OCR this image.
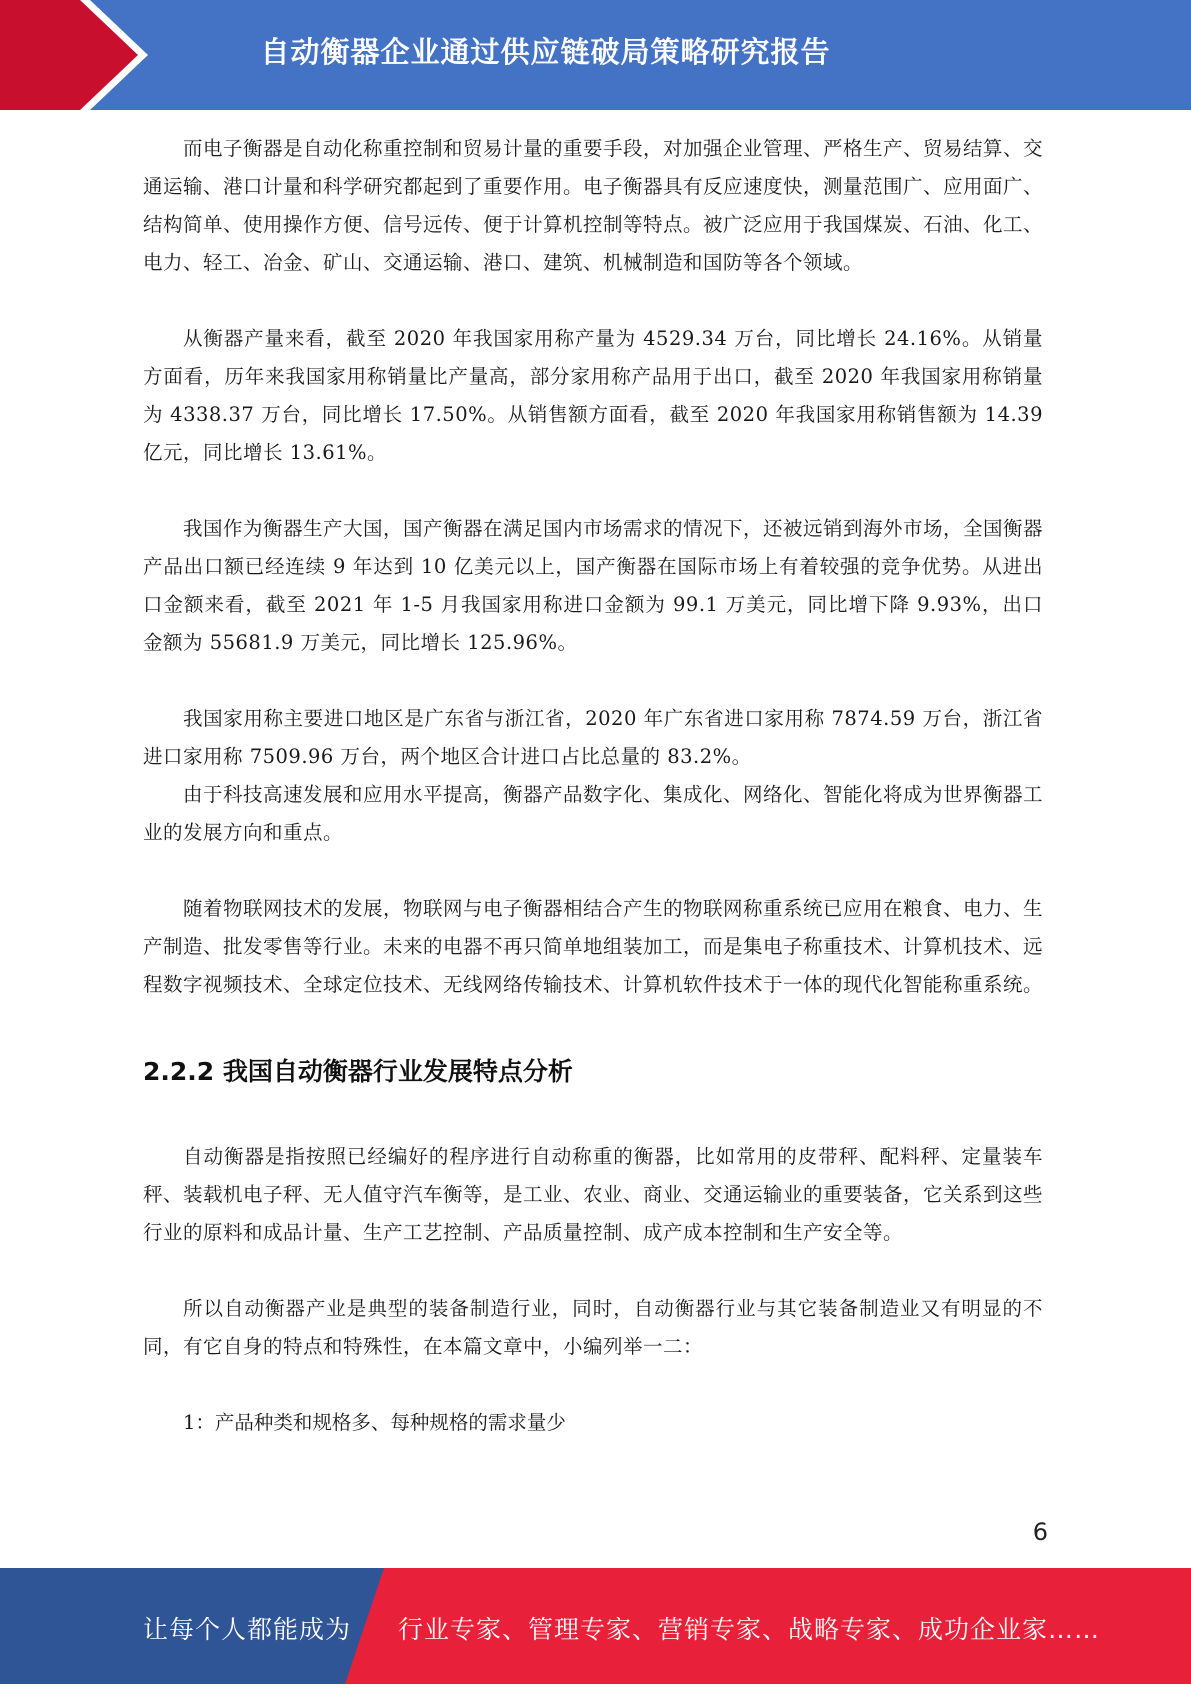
自动衡器企业通过供应链破局策略研究报告

而电子衡器是自动化称重控制和贸易计量的重要手段，对加强企业管理、严格生产、贸易结算、交通运输、港口计量和科学研究都起到了重要作用。电子衡器具有反应速度快，测量范围广、应用面广、结构简单、使用操作方便、信号远传、便于计算机控制等特点。被广泛应用于我国煤炭、石油、化工、电力、轻工、冶金、矿山、交通运输、港口、建筑、机械制造和国防等各个领域。

从衡器产量来看，截至 2020 年我国家用称产量为 4529.34 万台，同比增长 24.16%。从销量方面看，历年来我国家用称销量比产量高，部分家用称产品用于出口，截至 2020 年我国家用称销量为 4338.37 万台，同比增长 17.50%。从销售额方面看，截至 2020 年我国家用称销售额为 14.39 亿元，同比增长 13.61%。

我国作为衡器生产大国，国产衡器在满足国内市场需求的情况下，还被远销到海外市场，全国衡器产品出口额已经连续 9 年达到 10 亿美元以上，国产衡器在国际市场上有着较强的竞争优势。从进出口金额来看，截至 2021 年 1-5 月我国家用称进口金额为 99.1 万美元，同比增下降 9.93%，出口金额为 55681.9 万美元，同比增长 125.96%。

我国家用称主要进口地区是广东省与浙江省，2020 年广东省进口家用称 7874.59 万台，浙江省进口家用称 7509.96 万台，两个地区合计进口占比总量的 83.2%。

由于科技高速发展和应用水平提高，衡器产品数字化、集成化、网络化、智能化将成为世界衡器工业的发展方向和重点。

随着物联网技术的发展，物联网与电子衡器相结合产生的物联网称重系统已应用在粮食、电力、生产制造、批发零售等行业。未来的电器不再只简单地组装加工，而是集电子称重技术、计算机技术、远程数字视频技术、全球定位技术、无线网络传输技术、计算机软件技术于一体的现代化智能称重系统。

2.2.2 我国自动衡器行业发展特点分析

自动衡器是指按照已经编好的程序进行自动称重的衡器，比如常用的皮带秤、配料秤、定量装车秤、装载机电子秤、无人值守汽车衡等，是工业、农业、商业、交通运输业的重要装备，它关系到这些行业的原料和成品计量、生产工艺控制、产品质量控制、成产成本控制和生产安全等。

所以自动衡器产业是典型的装备制造行业，同时，自动衡器行业与其它装备制造业又有明显的不同，有它自身的特点和特殊性，在本篇文章中，小编列举一二：

1：产品种类和规格多、每种规格的需求量少

6
让每个人都能成为 行业专家、管理专家、营销专家、战略专家、成功企业家……
